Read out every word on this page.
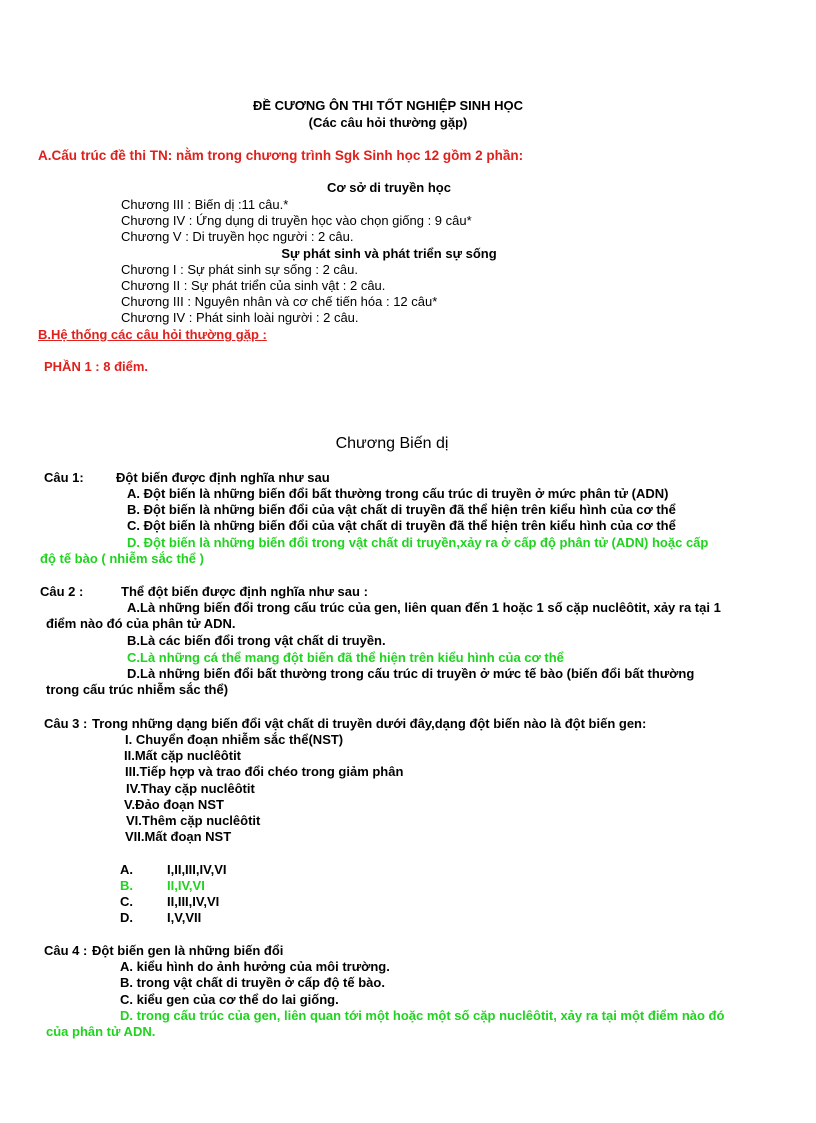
ĐỀ CƯƠNG ÔN THI TỐT NGHIỆP SINH HỌC
(Các câu hỏi thường gặp)
A.Cấu trúc đề thi TN: nằm trong chương trình Sgk Sinh học 12 gồm 2 phần:
Cơ sở di truyền học
Chương III : Biến dị :11 câu.*
Chương IV : Ứng dụng di truyền học vào chọn giống : 9 câu*
Chương V : Di truyền học người : 2 câu.
Sự phát sinh và phát triển sự sống
Chương I : Sự phát sinh sự sống : 2 câu.
Chương II : Sự phát triển của sinh vật : 2 câu.
Chương III : Nguyên nhân và cơ chế tiến hóa : 12 câu*
Chương IV : Phát sinh loài người : 2 câu.
B.Hệ thống các câu hỏi thường gặp :
PHẦN 1 : 8 điểm.
Chương Biến dị
Câu 1: Đột biến được định nghĩa như sau
A. Đột biến là những biến đổi bất thường trong cấu trúc di truyền ở mức phân tử (ADN)
B. Đột biến là những biến đổi của vật chất di truyền đã thể hiện trên kiểu hình của cơ thể
C. Đột biến là những biến đổi của vật chất di truyền đã thể hiện trên kiểu hình của cơ thể
D. Đột biến là những biến đổi trong vật chất di truyền,xảy ra ở cấp độ phân tử (ADN) hoặc cấp
độ tế bào ( nhiễm sắc thể )
Câu 2 :	Thể đột biến được định nghĩa như sau :
A.Là những biến đổi trong cấu trúc của gen, liên quan đến 1 hoặc 1 số cặp nuclêôtit, xảy ra tại 1
điểm nào đó của phân tử ADN.
B.Là các biến đổi trong vật chất di truyền.
C.Là những cá thể mang đột biến đã thể hiện trên kiểu hình của cơ thể
D.Là những biến đổi bất thường trong cấu trúc di truyền ở mức tế bào (biến đổi bất thường
trong cấu trúc nhiễm sắc thể)
Câu 3 : Trong những dạng biến đổi vật chất di truyền dưới đây,dạng đột biến nào là đột biến gen:
I. Chuyển đoạn nhiễm sắc thể(NST)
II.Mất cặp nuclêôtit
III.Tiếp hợp và trao đổi chéo trong giảm phân
IV.Thay cặp nuclêôtit
V.Đảo đoạn NST
VI.Thêm cặp nuclêôtit
VII.Mất đoạn NST
A.	I,II,III,IV,VI
B.	II,IV,VI
C.	II,III,IV,VI
D.	I,V,VII
Câu 4 : Đột biến gen là những biến đổi
A. kiểu hình do ảnh hưởng của môi trường.
B. trong vật chất di truyền ở cấp độ tế bào.
C. kiểu gen của cơ thể do lai giống.
D. trong cấu trúc của gen, liên quan tới một hoặc một số cặp nuclêôtit, xảy ra tại một điểm nào đó
của phân tử ADN.
